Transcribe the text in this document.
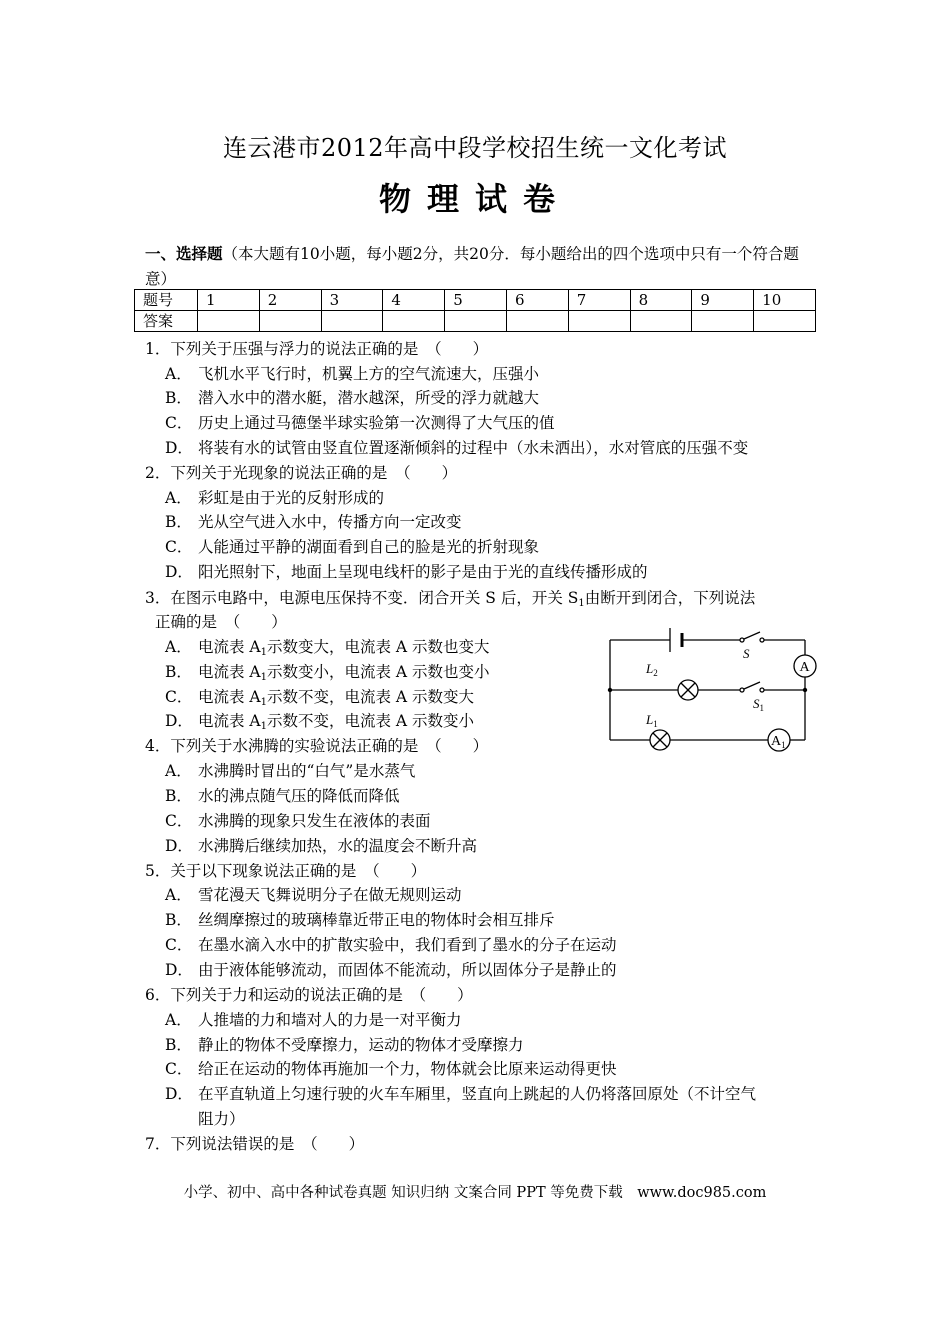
连云港市2012年高中段学校招生统一文化考试
物理试卷
一、选择题（本大题有10小题，每小题2分，共20分．每小题给出的四个选项中只有一个符合题意）
题号	1	2	3	4	5	6	7	8	9	10
答案										
1．下列关于压强与浮力的说法正确的是　（　　）
A． 飞机水平飞行时，机翼上方的空气流速大，压强小
B． 潜入水中的潜水艇，潜水越深，所受的浮力就越大
C． 历史上通过马德堡半球实验第一次测得了大气压的值
D． 将装有水的试管由竖直位置逐渐倾斜的过程中（水未洒出），水对管底的压强不变
2．下列关于光现象的说法正确的是　（　　）
A． 彩虹是由于光的反射形成的
B． 光从空气进入水中，传播方向一定改变
C． 人能通过平静的湖面看到自己的脸是光的折射现象
D． 阳光照射下，地面上呈现电线杆的影子是由于光的直线传播形成的
3．在图示电路中，电源电压保持不变．闭合开关 S 后，开关 $S_1$由断开到闭合，下列说法
正确的是　（　　）
A． 电流表 $A_1$示数变大，电流表 A 示数也变大
B． 电流表 $A_1$示数变小，电流表 A 示数也变小
C． 电流表 $A_1$示数不变，电流表 A 示数变大
D． 电流表 $A_1$示数不变，电流表 A 示数变小
S
$S_1$
A
$L_2$
$L_1$
$A_1$
4．下列关于水沸腾的实验说法正确的是　（　　）
A． 水沸腾时冒出的“白气”是水蒸气
B． 水的沸点随气压的降低而降低
C． 水沸腾的现象只发生在液体的表面
D． 水沸腾后继续加热，水的温度会不断升高
5．关于以下现象说法正确的是　（　　）
A． 雪花漫天飞舞说明分子在做无规则运动
B． 丝绸摩擦过的玻璃棒靠近带正电的物体时会相互排斥
C． 在墨水滴入水中的扩散实验中，我们看到了墨水的分子在运动
D． 由于液体能够流动，而固体不能流动，所以固体分子是静止的
6．下列关于力和运动的说法正确的是　（　　）
A． 人推墙的力和墙对人的力是一对平衡力
B． 静止的物体不受摩擦力，运动的物体才受摩擦力
C． 给正在运动的物体再施加一个力，物体就会比原来运动得更快
D． 在平直轨道上匀速行驶的火车车厢里，竖直向上跳起的人仍将落回原处（不计空气
阻力）
7．下列说法错误的是　（　　）
小学、初中、高中各种试卷真题 知识归纳 文案合同 PPT 等免费下载　www.doc985.com
